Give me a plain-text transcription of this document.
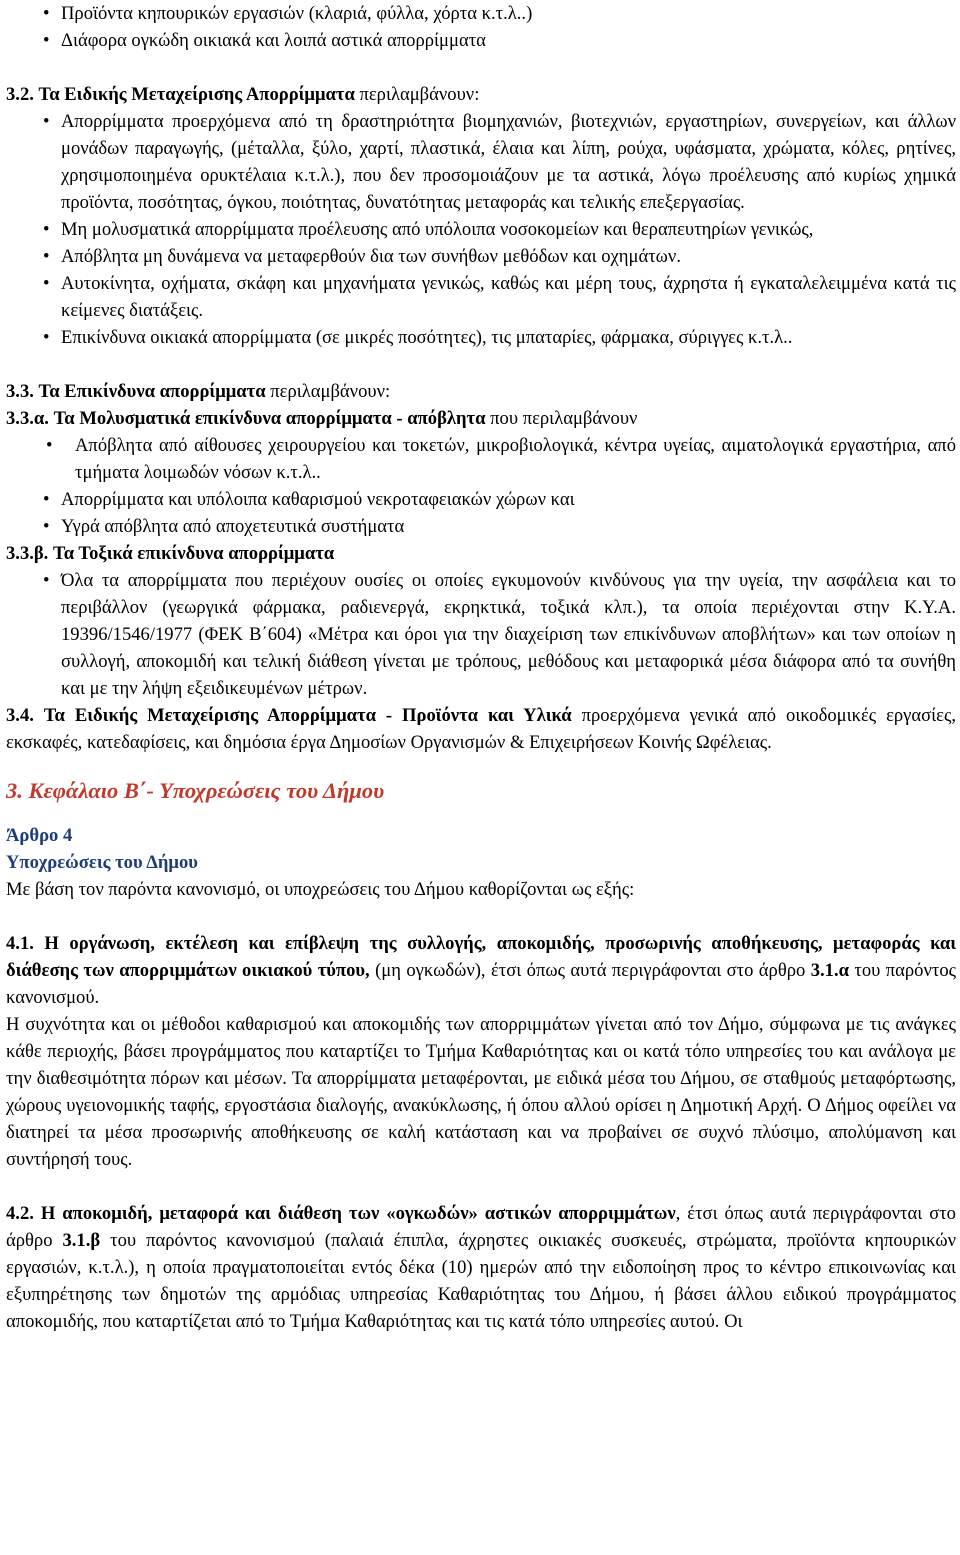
• Προϊόντα κηπουρικών εργασιών (κλαριά, φύλλα, χόρτα κ.τ.λ..)
• Διάφορα ογκώδη οικιακά και λοιπά αστικά απορρίμματα
3.2. Τα Ειδικής Μεταχείρισης Απορρίμματα περιλαμβάνουν:
• Απορρίμματα προερχόμενα από τη δραστηριότητα βιομηχανιών, βιοτεχνιών, εργαστηρίων, συνεργείων, και άλλων μονάδων παραγωγής, (μέταλλα, ξύλο, χαρτί, πλαστικά, έλαια και λίπη, ρούχα, υφάσματα, χρώματα, κόλες, ρητίνες, χρησιμοποιημένα ορυκτέλαια κ.τ.λ.), που δεν προσομοιάζουν με τα αστικά, λόγω προέλευσης από κυρίως χημικά προϊόντα, ποσότητας, όγκου, ποιότητας, δυνατότητας μεταφοράς και τελικής επεξεργασίας.
• Μη μολυσματικά απορρίμματα προέλευσης από υπόλοιπα νοσοκομείων και θεραπευτηρίων γενικώς,
• Απόβλητα μη δυνάμενα να μεταφερθούν δια των συνήθων μεθόδων και οχημάτων.
• Αυτοκίνητα, οχήματα, σκάφη και μηχανήματα γενικώς, καθώς και μέρη τους, άχρηστα ή εγκαταλελειμμένα κατά τις κείμενες διατάξεις.
• Επικίνδυνα οικιακά απορρίμματα (σε μικρές ποσότητες), τις μπαταρίες, φάρμακα, σύριγγες κ.τ.λ..
3.3. Τα Επικίνδυνα απορρίμματα περιλαμβάνουν:
3.3.α. Τα Μολυσματικά επικίνδυνα απορρίμματα - απόβλητα που περιλαμβάνουν
• Απόβλητα από αίθουσες χειρουργείου και τοκετών, μικροβιολογικά, κέντρα υγείας, αιματολογικά εργαστήρια, από τμήματα λοιμωδών νόσων κ.τ.λ..
• Απορρίμματα και υπόλοιπα καθαρισμού νεκροταφειακών χώρων και
• Υγρά απόβλητα από αποχετευτικά συστήματα
3.3.β. Τα Τοξικά επικίνδυνα απορρίμματα
• Όλα τα απορρίμματα που περιέχουν ουσίες οι οποίες εγκυμονούν κινδύνους για την υγεία, την ασφάλεια και το περιβάλλον (γεωργικά φάρμακα, ραδιενεργά, εκρηκτικά, τοξικά κλπ.), τα οποία περιέχονται στην Κ.Υ.Α. 19396/1546/1977 (ΦΕΚ Β΄604) «Μέτρα και όροι για την διαχείριση των επικίνδυνων αποβλήτων» και των οποίων η συλλογή, αποκομιδή και τελική διάθεση γίνεται με τρόπους, μεθόδους και μεταφορικά μέσα διάφορα από τα συνήθη και με την λήψη εξειδικευμένων μέτρων.
3.4. Τα Ειδικής Μεταχείρισης Απορρίμματα - Προϊόντα και Υλικά προερχόμενα γενικά από οικοδομικές εργασίες, εκσκαφές, κατεδαφίσεις, και δημόσια έργα Δημοσίων Οργανισμών & Επιχειρήσεων Κοινής Ωφέλειας.
3. Κεφάλαιο Β΄- Υποχρεώσεις του Δήμου
Άρθρο 4
Υποχρεώσεις του Δήμου
Με βάση τον παρόντα κανονισμό, οι υποχρεώσεις του Δήμου καθορίζονται ως εξής:
4.1. Η οργάνωση, εκτέλεση και επίβλεψη της συλλογής, αποκομιδής, προσωρινής αποθήκευσης, μεταφοράς και διάθεσης των απορριμμάτων οικιακού τύπου, (μη ογκωδών), έτσι όπως αυτά περιγράφονται στο άρθρο 3.1.α του παρόντος κανονισμού.
Η συχνότητα και οι μέθοδοι καθαρισμού και αποκομιδής των απορριμμάτων γίνεται από τον Δήμο, σύμφωνα με τις ανάγκες κάθε περιοχής, βάσει προγράμματος που καταρτίζει το Τμήμα Καθαριότητας και οι κατά τόπο υπηρεσίες του και ανάλογα με την διαθεσιμότητα πόρων και μέσων. Τα απορρίμματα μεταφέρονται, με ειδικά μέσα του Δήμου, σε σταθμούς μεταφόρτωσης, χώρους υγειονομικής ταφής, εργοστάσια διαλογής, ανακύκλωσης, ή όπου αλλού ορίσει η Δημοτική Αρχή. Ο Δήμος οφείλει να διατηρεί τα μέσα προσωρινής αποθήκευσης σε καλή κατάσταση και να προβαίνει σε συχνό πλύσιμο, απολύμανση και συντήρησή τους.
4.2. Η αποκομιδή, μεταφορά και διάθεση των «ογκωδών» αστικών απορριμμάτων, έτσι όπως αυτά περιγράφονται στο άρθρο 3.1.β του παρόντος κανονισμού (παλαιά έπιπλα, άχρηστες οικιακές συσκευές, στρώματα, προϊόντα κηπουρικών εργασιών, κ.τ.λ.), η οποία πραγματοποιείται εντός δέκα (10) ημερών από την ειδοποίηση προς το κέντρο επικοινωνίας και εξυπηρέτησης των δημοτών της αρμόδιας υπηρεσίας Καθαριότητας του Δήμου, ή βάσει άλλου ειδικού προγράμματος αποκομιδής, που καταρτίζεται από το Τμήμα Καθαριότητας και τις κατά τόπο υπηρεσίες αυτού. Οι
